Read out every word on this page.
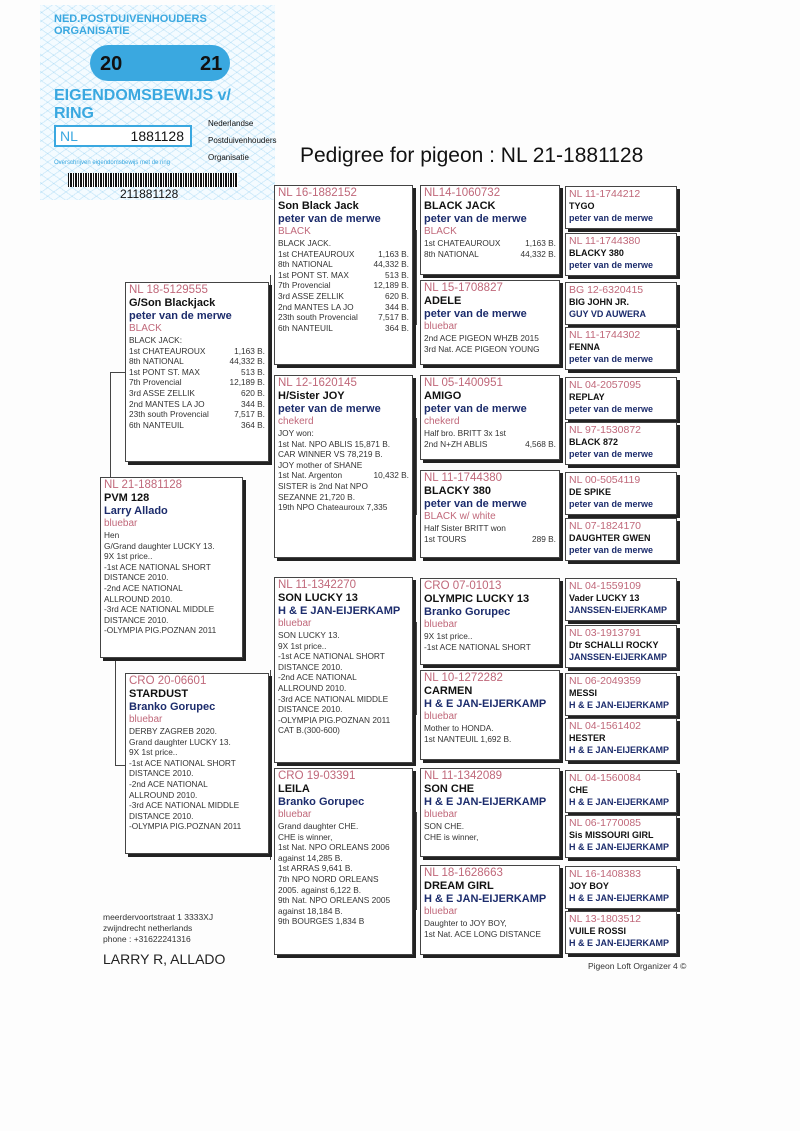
NED.POSTDUIVENHOUDERS ORGANISATIE
20	21
EIGENDOMSBEWIJS v/ RING
NL	1881128
Nederlandse
Postduivenhouders
Organisatie
Overschrijven eigendomsbewijs met de ring
211881128
Pedigree for pigeon : NL 21-1881128
NL 21-1881128
PVM 128
Larry Allado
bluebar
Hen
G/Grand daughter LUCKY 13.
9X 1st price..
-1st ACE NATIONAL SHORT
DISTANCE 2010.
-2nd ACE NATIONAL
ALLROUND 2010.
-3rd ACE NATIONAL MIDDLE
DISTANCE 2010.
-OLYMPIA PIG.POZNAN 2011
NL 18-5129555
G/Son Blackjack
peter van de merwe
BLACK
BLACK JACK:
1st CHATEAUROUX	1,163 B.
8th NATIONAL	44,332 B.
1st PONT ST. MAX	513 B.
7th Provencial	12,189 B.
3rd ASSE ZELLIK	620 B.
2nd MANTES LA JO	344 B.
23th south Provencial	7,517 B.
6th NANTEUIL	364 B.
CRO 20-06601
STARDUST
Branko Gorupec
bluebar
DERBY ZAGREB 2020.
Grand daughter LUCKY 13.
9X 1st price..
-1st ACE NATIONAL SHORT
DISTANCE 2010.
-2nd ACE NATIONAL
ALLROUND 2010.
-3rd ACE NATIONAL MIDDLE
DISTANCE 2010.
-OLYMPIA PIG.POZNAN 2011
NL 16-1882152
Son Black Jack
peter van de merwe
BLACK
BLACK JACK.
1st CHATEAUROUX	1,163 B.
8th NATIONAL	44,332 B.
1st PONT ST. MAX	513 B.
7th Provencial	12,189 B.
3rd ASSE ZELLIK	620 B.
2nd MANTES LA JO	344 B.
23th south Provencial 7,517 B.
6th NANTEUIL	364 B.
NL 12-1620145
H/Sister JOY
peter van de merwe
chekerd
JOY won:
1st Nat. NPO ABLIS 15,871 B.
CAR WINNER VS 78,219 B.
JOY mother of SHANE
1st Nat. Argenton	10,432 B.
SISTER is 2nd Nat NPO
SEZANNE 21,720 B.
19th NPO Chateauroux 7,335
NL 11-1342270
SON LUCKY 13
H & E JAN-EIJERKAMP
bluebar
SON LUCKY 13.
9X 1st price..
-1st ACE NATIONAL SHORT
DISTANCE 2010.
-2nd ACE NATIONAL
ALLROUND 2010.
-3rd ACE NATIONAL MIDDLE
DISTANCE 2010.
-OLYMPIA PIG.POZNAN 2011
CAT B.(300-600)
CRO 19-03391
LEILA
Branko Gorupec
bluebar
Grand daughter CHE.
CHE is winner,
1st Nat. NPO ORLEANS 2006
against 14,285 B.
1st ARRAS 9,641 B.
7th NPO NORD ORLEANS
2005. against 6,122 B.
9th Nat. NPO ORLEANS 2005
against 18,184 B.
9th BOURGES 1,834 B
NL14-1060732
BLACK JACK
peter van de merwe
BLACK
1st CHATEAUROUX	1,163 B.
8th NATIONAL	44,332 B.
NL 15-1708827
ADELE
peter van de merwe
bluebar
2nd ACE PIGEON WHZB 2015
3rd Nat. ACE PIGEON YOUNG
NL 05-1400951
AMIGO
peter van de merwe
chekerd
Half bro. BRITT 3x 1st
2nd N+ZH ABLIS	4,568 B.
NL 11-1744380
BLACKY 380
peter van de merwe
BLACK w/ white
Half Sister BRITT won
1st TOURS	289 B.
CRO 07-01013
OLYMPIC LUCKY 13
Branko Gorupec
bluebar
9X 1st price..
-1st ACE NATIONAL SHORT
NL 10-1272282
CARMEN
H & E JAN-EIJERKAMP
bluebar
Mother to HONDA.
1st NANTEUIL 1,692 B.
NL 11-1342089
SON CHE
H & E JAN-EIJERKAMP
bluebar
SON CHE.
CHE is winner,
NL 18-1628663
DREAM GIRL
H & E JAN-EIJERKAMP
bluebar
Daughter to JOY BOY,
1st Nat. ACE LONG DISTANCE
NL 11-1744212
TYGO
peter van de merwe
NL 11-1744380
BLACKY 380
peter van de merwe
BG 12-6320415
BIG JOHN JR.
GUY VD AUWERA
NL 11-1744302
FENNA
peter van de merwe
NL 04-2057095
REPLAY
peter van de merwe
NL 97-1530872
BLACK 872
peter van de merwe
NL 00-5054119
DE SPIKE
peter van de merwe
NL 07-1824170
DAUGHTER GWEN
peter van de merwe
NL 04-1559109
Vader LUCKY 13
JANSSEN-EIJERKAMP
NL 03-1913791
Dtr SCHALLI ROCKY
JANSSEN-EIJERKAMP
NL 06-2049359
MESSI
H & E JAN-EIJERKAMP
NL 04-1561402
HESTER
H & E JAN-EIJERKAMP
NL 04-1560084
CHE
H & E JAN-EIJERKAMP
NL 06-1770085
Sis MISSOURI GIRL
H & E JAN-EIJERKAMP
NL 16-1408383
JOY BOY
H & E JAN-EIJERKAMP
NL 13-1803512
VUILE ROSSI
H & E JAN-EIJERKAMP
meerdervoortstraat 1 3333XJ
zwijndrecht netherlands
phone : +31622241316
LARRY R, ALLADO	Pigeon Loft Organizer 4 ©
